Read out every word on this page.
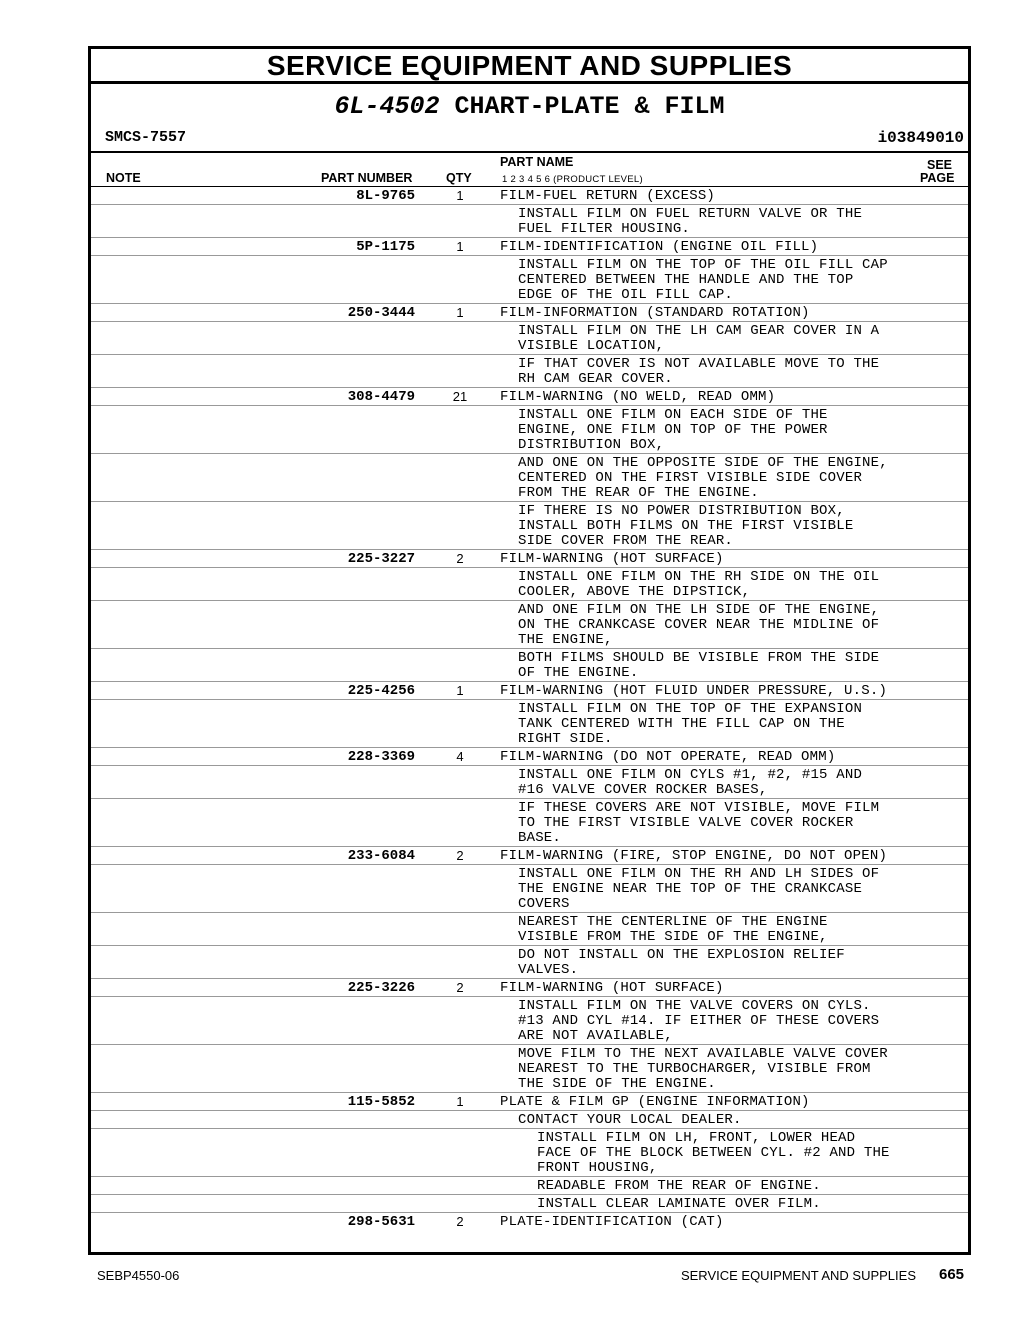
SERVICE EQUIPMENT AND SUPPLIES
6L-4502 CHART-PLATE & FILM
SMCS-7557	i03849010
NOTE	PART NUMBER	QTY
PART NAME
1 2 3 4 5 6 (PRODUCT LEVEL)
SEE
PAGE
8L-9765	1	FILM-FUEL RETURN (EXCESS)
INSTALL FILM ON FUEL RETURN VALVE OR THE
FUEL FILTER HOUSING.
5P-1175	1	FILM-IDENTIFICATION (ENGINE OIL FILL)
INSTALL FILM ON THE TOP OF THE OIL FILL CAP
CENTERED BETWEEN THE HANDLE AND THE TOP
EDGE OF THE OIL FILL CAP.
250-3444	1	FILM-INFORMATION (STANDARD ROTATION)
INSTALL FILM ON THE LH CAM GEAR COVER IN A
VISIBLE LOCATION,
IF THAT COVER IS NOT AVAILABLE MOVE TO THE
RH CAM GEAR COVER.
308-4479	21 FILM-WARNING (NO WELD, READ OMM)
INSTALL ONE FILM ON EACH SIDE OF THE
ENGINE, ONE FILM ON TOP OF THE POWER
DISTRIBUTION BOX,
AND ONE ON THE OPPOSITE SIDE OF THE ENGINE,
CENTERED ON THE FIRST VISIBLE SIDE COVER
FROM THE REAR OF THE ENGINE.
IF THERE IS NO POWER DISTRIBUTION BOX,
INSTALL BOTH FILMS ON THE FIRST VISIBLE
SIDE COVER FROM THE REAR.
225-3227	2	FILM-WARNING (HOT SURFACE)
INSTALL ONE FILM ON THE RH SIDE ON THE OIL
COOLER, ABOVE THE DIPSTICK,
AND ONE FILM ON THE LH SIDE OF THE ENGINE,
ON THE CRANKCASE COVER NEAR THE MIDLINE OF
THE ENGINE,
BOTH FILMS SHOULD BE VISIBLE FROM THE SIDE
OF THE ENGINE.
225-4256	1	FILM-WARNING (HOT FLUID UNDER PRESSURE, U.S.)
INSTALL FILM ON THE TOP OF THE EXPANSION
TANK CENTERED WITH THE FILL CAP ON THE
RIGHT SIDE.
228-3369	4	FILM-WARNING (DO NOT OPERATE, READ OMM)
INSTALL ONE FILM ON CYLS #1, #2, #15 AND
#16 VALVE COVER ROCKER BASES,
IF THESE COVERS ARE NOT VISIBLE, MOVE FILM
TO THE FIRST VISIBLE VALVE COVER ROCKER
BASE.
233-6084	2	FILM-WARNING (FIRE, STOP ENGINE, DO NOT OPEN)
INSTALL ONE FILM ON THE RH AND LH SIDES OF
THE ENGINE NEAR THE TOP OF THE CRANKCASE
COVERS
NEAREST THE CENTERLINE OF THE ENGINE
VISIBLE FROM THE SIDE OF THE ENGINE,
DO NOT INSTALL ON THE EXPLOSION RELIEF
VALVES.
225-3226	2	FILM-WARNING (HOT SURFACE)
INSTALL FILM ON THE VALVE COVERS ON CYLS.
#13 AND CYL #14. IF EITHER OF THESE COVERS
ARE NOT AVAILABLE,
MOVE FILM TO THE NEXT AVAILABLE VALVE COVER
NEAREST TO THE TURBOCHARGER, VISIBLE FROM
THE SIDE OF THE ENGINE.
115-5852	1	PLATE & FILM GP (ENGINE INFORMATION)
CONTACT YOUR LOCAL DEALER.
INSTALL FILM ON LH, FRONT, LOWER HEAD
FACE OF THE BLOCK BETWEEN CYL. #2 AND THE
FRONT HOUSING,
READABLE FROM THE REAR OF ENGINE.
INSTALL CLEAR LAMINATE OVER FILM.
298-5631	2	PLATE-IDENTIFICATION (CAT)
SEBP4550-06	SERVICE EQUIPMENT AND SUPPLIES 665
